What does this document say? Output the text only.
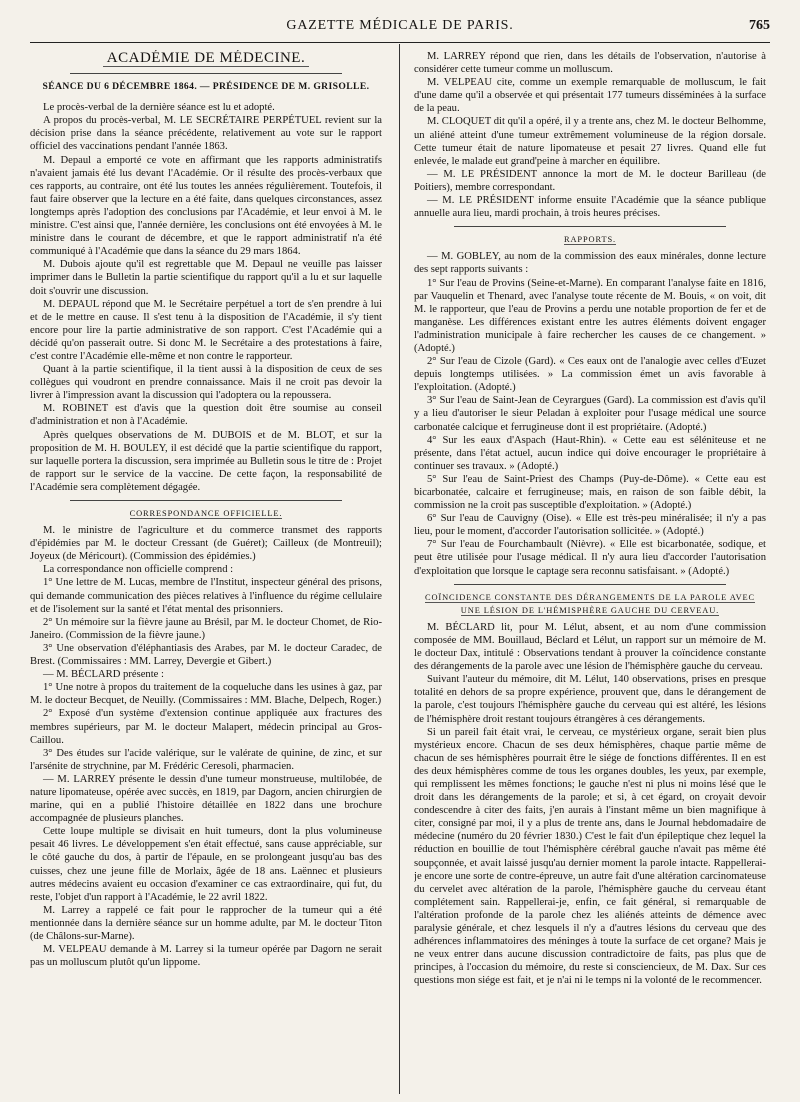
GAZETTE MÉDICALE DE PARIS.	765

ACADÉMIE DE MÉDECINE.

SÉANCE DU 6 DÉCEMBRE 1864. — PRÉSIDENCE DE M. GRISOLLE.

Le procès-verbal de la dernière séance est lu et adopté.

A propos du procès-verbal, M. LE SECRÉTAIRE PERPÉTUEL revient sur la décision prise dans la séance précédente, relativement au vote sur le rapport officiel des vaccinations pendant l'année 1863.

M. Depaul a emporté ce vote en affirmant que les rapports administratifs n'avaient jamais été lus devant l'Académie. Or il résulte des procès-verbaux que ces rapports, au contraire, ont été lus toutes les années régulièrement. Toutefois, il faut faire observer que la lecture en a été faite, dans quelques circonstances, assez longtemps après l'adoption des conclusions par l'Académie, et leur envoi à M. le ministre. C'est ainsi que, l'année dernière, les conclusions ont été envoyées à M. le ministre dans le courant de décembre, et que le rapport administratif n'a été communiqué à l'Académie que dans la séance du 29 mars 1864.

M. Dubois ajoute qu'il est regrettable que M. Depaul ne veuille pas laisser imprimer dans le Bulletin la partie scientifique du rapport qu'il a lu et sur laquelle doit s'ouvrir une discussion.

M. DEPAUL répond que M. le Secrétaire perpétuel a tort de s'en prendre à lui et de le mettre en cause. Il s'est tenu à la disposition de l'Académie, il s'y tient encore pour lire la partie administrative de son rapport. C'est l'Académie qui a décidé qu'on passerait outre. Si donc M. le Secrétaire a des protestations à faire, c'est contre l'Académie elle-même et non contre le rapporteur.

Quant à la partie scientifique, il la tient aussi à la disposition de ceux de ses collègues qui voudront en prendre connaissance. Mais il ne croit pas devoir la livrer à l'impression avant la discussion qui l'adoptera ou la repoussera.

M. ROBINET est d'avis que la question doit être soumise au conseil d'administration et non à l'Académie.

Après quelques observations de M. DUBOIS et de M. BLOT, et sur la proposition de M. H. BOULEY, il est décidé que la partie scientifique du rapport, sur laquelle portera la discussion, sera imprimée au Bulletin sous le titre de : Projet de rapport sur le service de la vaccine. De cette façon, la responsabilité de l'Académie sera complètement dégagée.

CORRESPONDANCE OFFICIELLE.

M. le ministre de l'agriculture et du commerce transmet des rapports d'épidémies par M. le docteur Cressant (de Guéret); Cailleux (de Montreuil); Joyeux (de Méricourt). (Commission des épidémies.)

La correspondance non officielle comprend :

1° Une lettre de M. Lucas, membre de l'Institut, inspecteur général des prisons, qui demande communication des pièces relatives à l'influence du régime cellulaire et de l'isolement sur la santé et l'état mental des prisonniers.

2° Un mémoire sur la fièvre jaune au Brésil, par M. le docteur Chomet, de Rio-Janeiro. (Commission de la fièvre jaune.)

3° Une observation d'éléphantiasis des Arabes, par M. le docteur Caradec, de Brest. (Commissaires : MM. Larrey, Devergie et Gibert.)

— M. BÉCLARD présente :

1° Une notre à propos du traitement de la coqueluche dans les usines à gaz, par M. le docteur Becquet, de Neuilly. (Commissaires : MM. Blache, Delpech, Roger.)

2° Exposé d'un système d'extension continue appliquée aux fractures des membres supérieurs, par M. le docteur Malapert, médecin principal au Gros-Caillou.

3° Des études sur l'acide valérique, sur le valérate de quinine, de zinc, et sur l'arsénite de strychnine, par M. Frédéric Ceresoli, pharmacien.

— M. LARREY présente le dessin d'une tumeur monstrueuse, multilobée, de nature lipomateuse, opérée avec succès, en 1819, par Dagorn, ancien chirurgien de marine, qui en a publié l'histoire détaillée en 1822 dans une brochure accompagnée de plusieurs planches.

Cette loupe multiple se divisait en huit tumeurs, dont la plus volumineuse pesait 46 livres. Le développement s'en était effectué, sans cause appréciable, sur le côté gauche du dos, à partir de l'épaule, en se prolongeant jusqu'au bas des cuisses, chez une jeune fille de Morlaix, âgée de 18 ans. Laënnec et plusieurs autres médecins avaient eu occasion d'examiner ce cas extraordinaire, qui fut, du reste, l'objet d'un rapport à l'Académie, le 22 avril 1822.

M. Larrey a rappelé ce fait pour le rapprocher de la tumeur qui a été mentionnée dans la dernière séance sur un homme adulte, par M. le docteur Titon (de Châlons-sur-Marne).

M. VELPEAU demande à M. Larrey si la tumeur opérée par Dagorn ne serait pas un molluscum plutôt qu'un lippome.

M. LARREY répond que rien, dans les détails de l'observation, n'autorise à considérer cette tumeur comme un molluscum.

M. VELPEAU cite, comme un exemple remarquable de molluscum, le fait d'une dame qu'il a observée et qui présentait 177 tumeurs disséminées à la surface de la peau.

M. CLOQUET dit qu'il a opéré, il y a trente ans, chez M. le docteur Belhomme, un aliéné atteint d'une tumeur extrêmement volumineuse de la région dorsale. Cette tumeur était de nature lipomateuse et pesait 27 livres. Quand elle fut enlevée, le malade eut grand'peine à marcher en équilibre.

— M. LE PRÉSIDENT annonce la mort de M. le docteur Barilleau (de Poitiers), membre correspondant.

— M. LE PRÉSIDENT informe ensuite l'Académie que la séance publique annuelle aura lieu, mardi prochain, à trois heures précises.

RAPPORTS.

— M. GOBLEY, au nom de la commission des eaux minérales, donne lecture des sept rapports suivants :

1° Sur l'eau de Provins (Seine-et-Marne). En comparant l'analyse faite en 1816, par Vauquelin et Thenard, avec l'analyse toute récente de M. Bouis, « on voit, dit M. le rapporteur, que l'eau de Provins a perdu une notable proportion de fer et de manganèse. Les différences existant entre les autres éléments doivent engager l'administration municipale à faire rechercher les causes de ce changement. » (Adopté.)

2° Sur l'eau de Cizole (Gard). « Ces eaux ont de l'analogie avec celles d'Euzet depuis longtemps utilisées. » La commission émet un avis favorable à l'exploitation. (Adopté.)

3° Sur l'eau de Saint-Jean de Ceyrargues (Gard). La commission est d'avis qu'il y a lieu d'autoriser le sieur Peladan à exploiter pour l'usage médical une source carbonatée calcique et ferrugineuse dont il est propriétaire. (Adopté.)

4° Sur les eaux d'Aspach (Haut-Rhin). « Cette eau est séléniteuse et ne présente, dans l'état actuel, aucun indice qui doive encourager le propriétaire à continuer ses travaux. » (Adopté.)

5° Sur l'eau de Saint-Priest des Champs (Puy-de-Dôme). « Cette eau est bicarbonatée, calcaire et ferrugineuse; mais, en raison de son faible débit, la commission ne la croit pas susceptible d'exploitation. » (Adopté.)

6° Sur l'eau de Cauvigny (Oise). « Elle est très-peu minéralisée; il n'y a pas lieu, pour le moment, d'accorder l'autorisation sollicitée. » (Adopté.)

7° Sur l'eau de Fourchambault (Nièvre). « Elle est bicarbonatée, sodique, et peut être utilisée pour l'usage médical. Il n'y aura lieu d'accorder l'autorisation d'exploitation que lorsque le captage sera reconnu satisfaisant. » (Adopté.)

COÏNCIDENCE CONSTANTE DES DÉRANGEMENTS DE LA PAROLE AVEC UNE LÉSION DE L'HÉMISPHÈRE GAUCHE DU CERVEAU.

M. BÉCLARD lit, pour M. Lélut, absent, et au nom d'une commission composée de MM. Bouillaud, Béclard et Lélut, un rapport sur un mémoire de M. le docteur Dax, intitulé : Observations tendant à prouver la coïncidence constante des dérangements de la parole avec une lésion de l'hémisphère gauche du cerveau.

Suivant l'auteur du mémoire, dit M. Lélut, 140 observations, prises en presque totalité en dehors de sa propre expérience, prouvent que, dans le dérangement de la parole, c'est toujours l'hémisphère gauche du cerveau qui est altéré, les lésions de l'hémisphère droit restant toujours étrangères à ces dérangements.

Si un pareil fait était vrai, le cerveau, ce mystérieux organe, serait bien plus mystérieux encore. Chacun de ses deux hémisphères, chaque partie même de chacun de ses hémisphères pourrait être le siége de fonctions différentes. Il en est des deux hémisphères comme de tous les organes doubles, les yeux, par exemple, qui remplissent les mêmes fonctions; le gauche n'est ni plus ni moins lésé que le droit dans les dérangements de la parole; et si, à cet égard, on croyait devoir condescendre à citer des faits, j'en aurais à l'instant même un bien magnifique à citer, consigné par moi, il y a plus de trente ans, dans le Journal hebdomadaire de médecine (numéro du 20 février 1830.) C'est le fait d'un épileptique chez lequel la réduction en bouillie de tout l'hémisphère cérébral gauche n'avait pas même été soupçonnée, et avait laissé jusqu'au dernier moment la parole intacte. Rappellerai-je encore une sorte de contre-épreuve, un autre fait d'une altération carcinomateuse du cervelet avec altération de la parole, l'hémisphère gauche du cerveau étant complétement sain. Rappellerai-je, enfin, ce fait général, si remarquable de l'altération profonde de la parole chez les aliénés atteints de démence avec paralysie générale, et chez lesquels il n'y a d'autres lésions du cerveau que des adhérences inflammatoires des méninges à toute la surface de cet organe? Mais je ne veux entrer dans aucune discussion contradictoire de faits, pas plus que de principes, à l'occasion du mémoire, du reste si consciencieux, de M. Dax. Sur ces questions mon siége est fait, et je n'ai ni le temps ni la volonté de le recommencer.
